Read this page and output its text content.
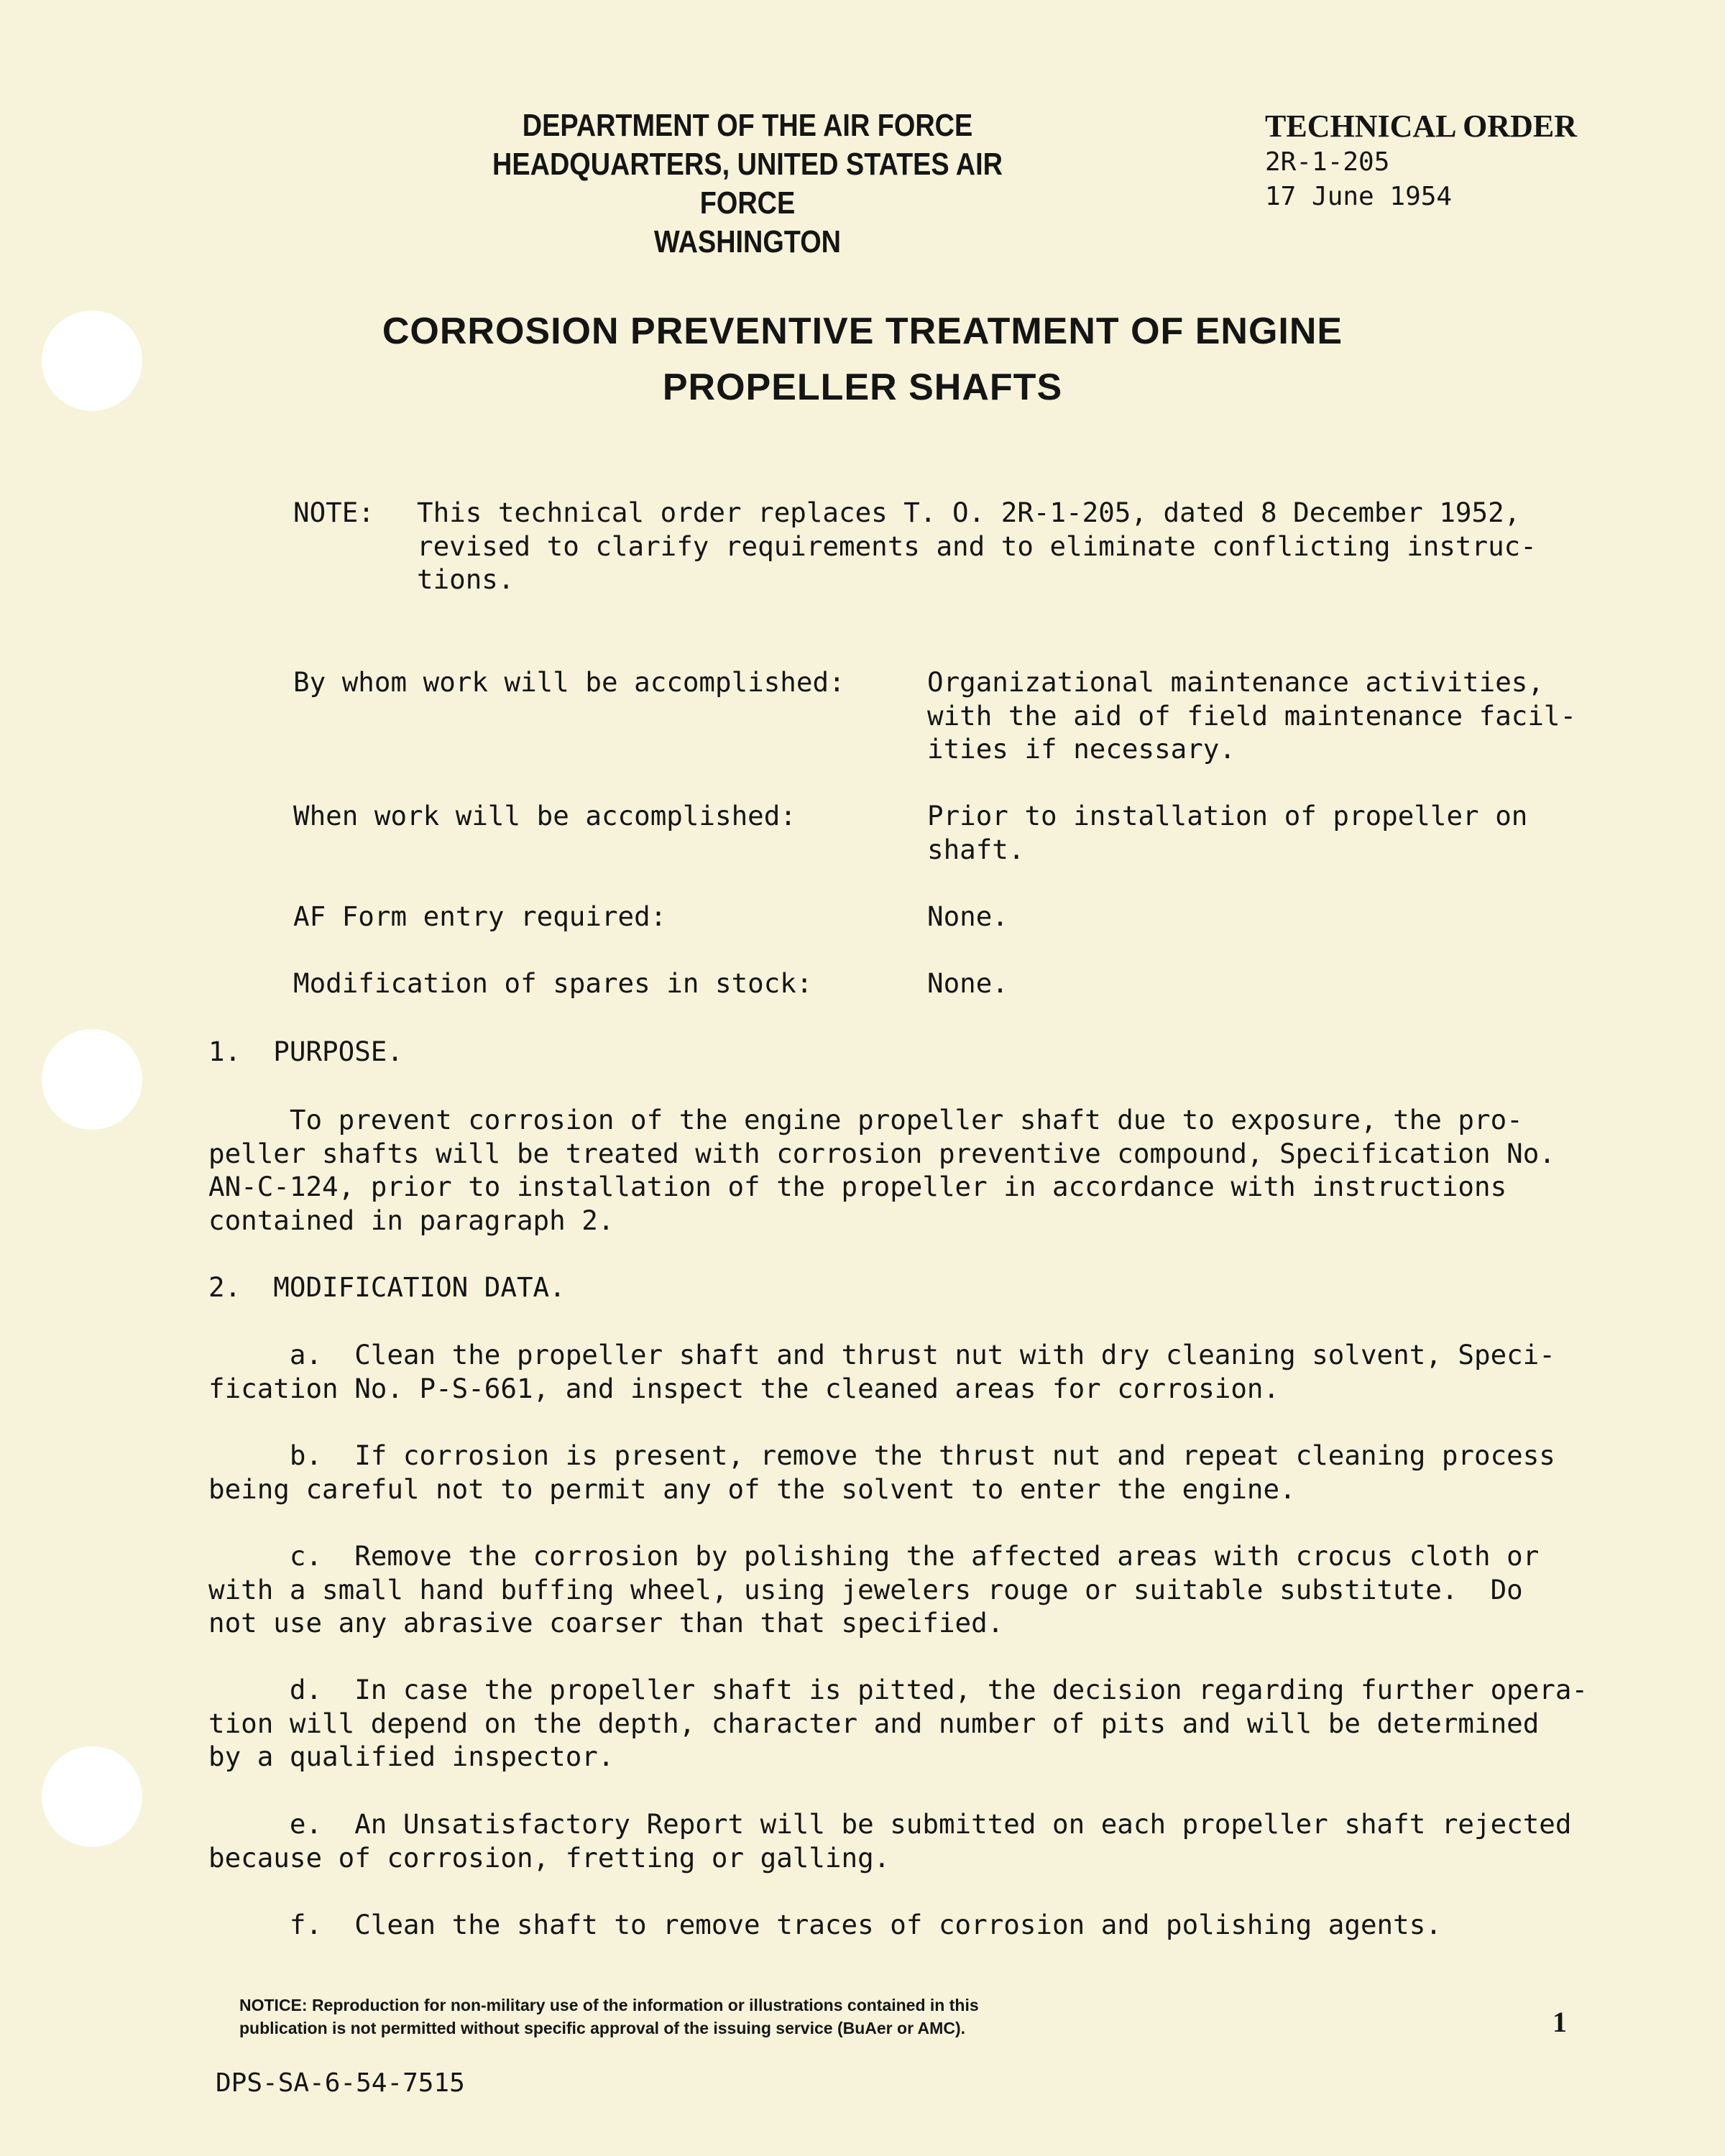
DEPARTMENT OF THE AIR FORCE
HEADQUARTERS, UNITED STATES AIR FORCE
WASHINGTON
TECHNICAL ORDER
2R-1-205
17 June 1954
CORROSION PREVENTIVE TREATMENT OF ENGINE
PROPELLER SHAFTS
NOTE: This technical order replaces T. O. 2R-1-205, dated 8 December 1952,
revised to clarify requirements and to eliminate conflicting instruc-
tions.
By whom work will be accomplished:	Organizational maintenance activities,
with the aid of field maintenance facil-
ities if necessary.
When work will be accomplished:	Prior to installation of propeller on
shaft.
AF Form entry required:	None.
Modification of spares in stock:	None.
1.  PURPOSE.
To prevent corrosion of the engine propeller shaft due to exposure, the pro-
peller shafts will be treated with corrosion preventive compound, Specification No.
AN-C-124, prior to installation of the propeller in accordance with instructions
contained in paragraph 2.
2.  MODIFICATION DATA.
a.  Clean the propeller shaft and thrust nut with dry cleaning solvent, Speci-
fication No. P-S-661, and inspect the cleaned areas for corrosion.
b.  If corrosion is present, remove the thrust nut and repeat cleaning process
being careful not to permit any of the solvent to enter the engine.
c.  Remove the corrosion by polishing the affected areas with crocus cloth or
with a small hand buffing wheel, using jewelers rouge or suitable substitute.  Do
not use any abrasive coarser than that specified.
d.  In case the propeller shaft is pitted, the decision regarding further opera-
tion will depend on the depth, character and number of pits and will be determined
by a qualified inspector.
e.  An Unsatisfactory Report will be submitted on each propeller shaft rejected
because of corrosion, fretting or galling.
f.  Clean the shaft to remove traces of corrosion and polishing agents.
NOTICE: Reproduction for non-military use of the information or illustrations contained in this
publication is not permitted without specific approval of the issuing service (BuAer or AMC).	1
DPS-SA-6-54-7515
